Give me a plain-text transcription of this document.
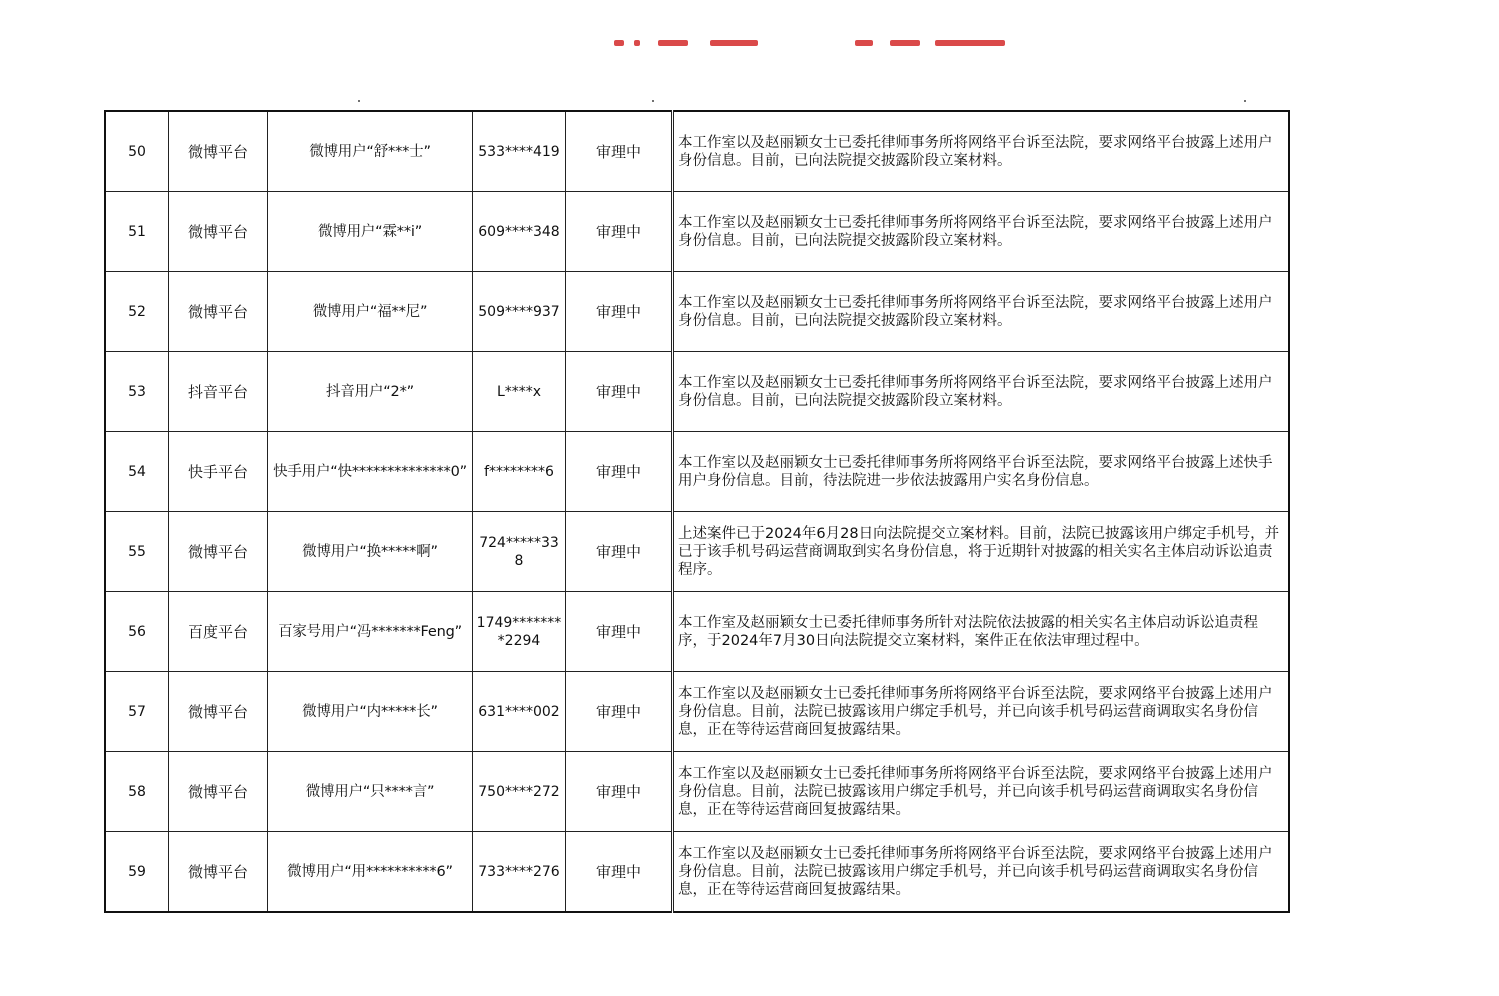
50	微博平台	微博用户“舒***士”	533****419	审理中	本工作室以及赵丽颖女士已委托律师事务所将网络平台诉至法院，要求网络平台披露上述用户身份信息。目前，已向法院提交披露阶段立案材料。
51	微博平台	微博用户“霖**i”	609****348	审理中	本工作室以及赵丽颖女士已委托律师事务所将网络平台诉至法院，要求网络平台披露上述用户身份信息。目前，已向法院提交披露阶段立案材料。
52	微博平台	微博用户“福**尼”	509****937	审理中	本工作室以及赵丽颖女士已委托律师事务所将网络平台诉至法院，要求网络平台披露上述用户身份信息。目前，已向法院提交披露阶段立案材料。
53	抖音平台	抖音用户“2*”	L****x	审理中	本工作室以及赵丽颖女士已委托律师事务所将网络平台诉至法院，要求网络平台披露上述用户身份信息。目前，已向法院提交披露阶段立案材料。
54	快手平台	快手用户“快**************0”	f********6	审理中	本工作室以及赵丽颖女士已委托律师事务所将网络平台诉至法院，要求网络平台披露上述快手用户身份信息。目前，待法院进一步依法披露用户实名身份信息。
55	微博平台	微博用户“换*****啊”	724*****338	审理中	上述案件已于2024年6月28日向法院提交立案材料。目前，法院已披露该用户绑定手机号，并已于该手机号码运营商调取到实名身份信息，将于近期针对披露的相关实名主体启动诉讼追责程序。
56	百度平台	百家号用户“冯*******Feng”	1749********2294	审理中	本工作室及赵丽颖女士已委托律师事务所针对法院依法披露的相关实名主体启动诉讼追责程序，于2024年7月30日向法院提交立案材料，案件正在依法审理过程中。
57	微博平台	微博用户“内*****长”	631****002	审理中	本工作室以及赵丽颖女士已委托律师事务所将网络平台诉至法院，要求网络平台披露上述用户身份信息。目前，法院已披露该用户绑定手机号，并已向该手机号码运营商调取实名身份信息，正在等待运营商回复披露结果。
58	微博平台	微博用户“只****言”	750****272	审理中	本工作室以及赵丽颖女士已委托律师事务所将网络平台诉至法院，要求网络平台披露上述用户身份信息。目前，法院已披露该用户绑定手机号，并已向该手机号码运营商调取实名身份信息，正在等待运营商回复披露结果。
59	微博平台	微博用户“用**********6”	733****276	审理中	本工作室以及赵丽颖女士已委托律师事务所将网络平台诉至法院，要求网络平台披露上述用户身份信息。目前，法院已披露该用户绑定手机号，并已向该手机号码运营商调取实名身份信息，正在等待运营商回复披露结果。
